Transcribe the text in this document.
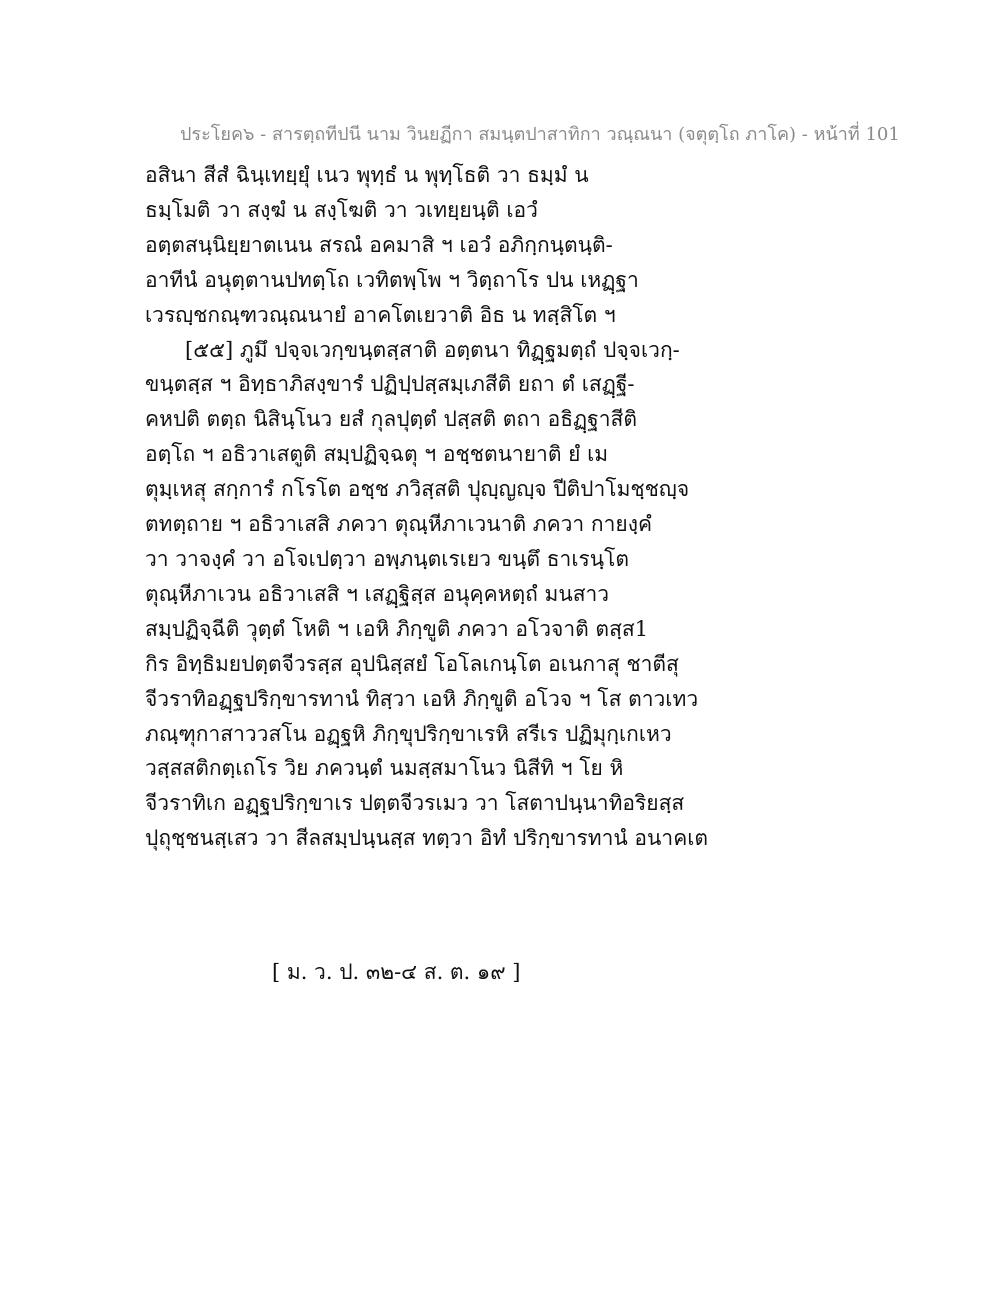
ประโยค๖ - สารตฺถทีปนี นาม วินยฏีกา สมนฺตปาสาทิกา วณฺณนา (จตุตฺโถ ภาโค) - หน้าที่ 101
อสินา สีสํ ฉินฺเทยฺยุํ เนว พุทฺธํ น พุทฺโธติ วา ธมฺมํ น
ธมฺโมติ วา สงฺฆํ น สงฺโฆติ วา วเทยฺยนฺติ เอวํ
อตฺตสนฺนิยฺยาตเนน สรณํ อคมาสิ ฯ เอวํ อภิกฺกนฺตนฺติ-
อาทีนํ อนุตฺตานปทตฺโถ เวทิตพฺโพ ฯ วิตฺถาโร ปน เหฏฺฐา
เวรญฺชกณฺฑวณฺณนายํ อาคโตเยวาติ อิธ น ทสฺสิโต ฯ
[๕๕] ภูมึ ปจฺจเวกฺขนฺตสฺสาติ อตฺตนา ทิฏฺฐมตฺถํ ปจฺจเวกฺ-
ขนฺตสฺส ฯ อิทฺธาภิสงฺขารํ ปฏิปฺปสฺสมฺเภสีติ ยถา ตํ เสฏฺฐี-
คหปติ ตตฺถ นิสินฺโนว ยสํ กุลปุตฺตํ ปสฺสติ ตถา อธิฏฺฐาสีติ
อตฺโถ ฯ อธิวาเสตูติ สมฺปฏิจฺฉตุ ฯ อชฺชตนายาติ ยํ เม
ตุมฺเหสุ สกฺการํ กโรโต อชฺช ภวิสฺสติ ปุญฺญญฺจ ปีติปาโมชฺชญฺจ
ตทตฺถาย ฯ อธิวาเสสิ ภควา ตุณฺหีภาเวนาติ ภควา กายงฺคํ
วา วาจงฺคํ วา อโจเปตฺวา อพฺภนฺตเรเยว ขนฺตึ ธาเรนฺโต
ตุณฺหีภาเวน อธิวาเสสิ ฯ เสฏฺฐิสฺส อนุคฺคหตฺถํ มนสาว
สมฺปฏิจฺฉีติ วุตฺตํ โหติ ฯ เอหิ ภิกฺขูติ ภควา อโวจาติ ตสฺส1
กิร อิทฺธิมยปตฺตจีวรสฺส อุปนิสฺสยํ โอโลเกนฺโต อเนกาสุ ชาตีสุ
จีวราทิอฏฺฐปริกฺขารทานํ ทิสฺวา เอหิ ภิกฺขูติ อโวจ ฯ โส ตาวเทว
ภณฺฑุกาสาววสโน อฏฺฐหิ ภิกฺขุปริกฺขาเรหิ สรีเร ปฏิมุกฺเกเหว
วสฺสสติกตฺเถโร วิย ภควนฺตํ นมสฺสมาโนว นิสีทิ ฯ โย หิ
จีวราทิเก อฏฺฐปริกฺขาเร ปตฺตจีวรเมว วา โสตาปนฺนาทิอริยสฺส
ปุถุชฺชนสฺเสว วา สีลสมฺปนฺนสฺส ทตฺวา อิทํ ปริกฺขารทานํ อนาคเต
[ ม. ว. ป. ๓๒-๔ ส. ต. ๑๙ ]
